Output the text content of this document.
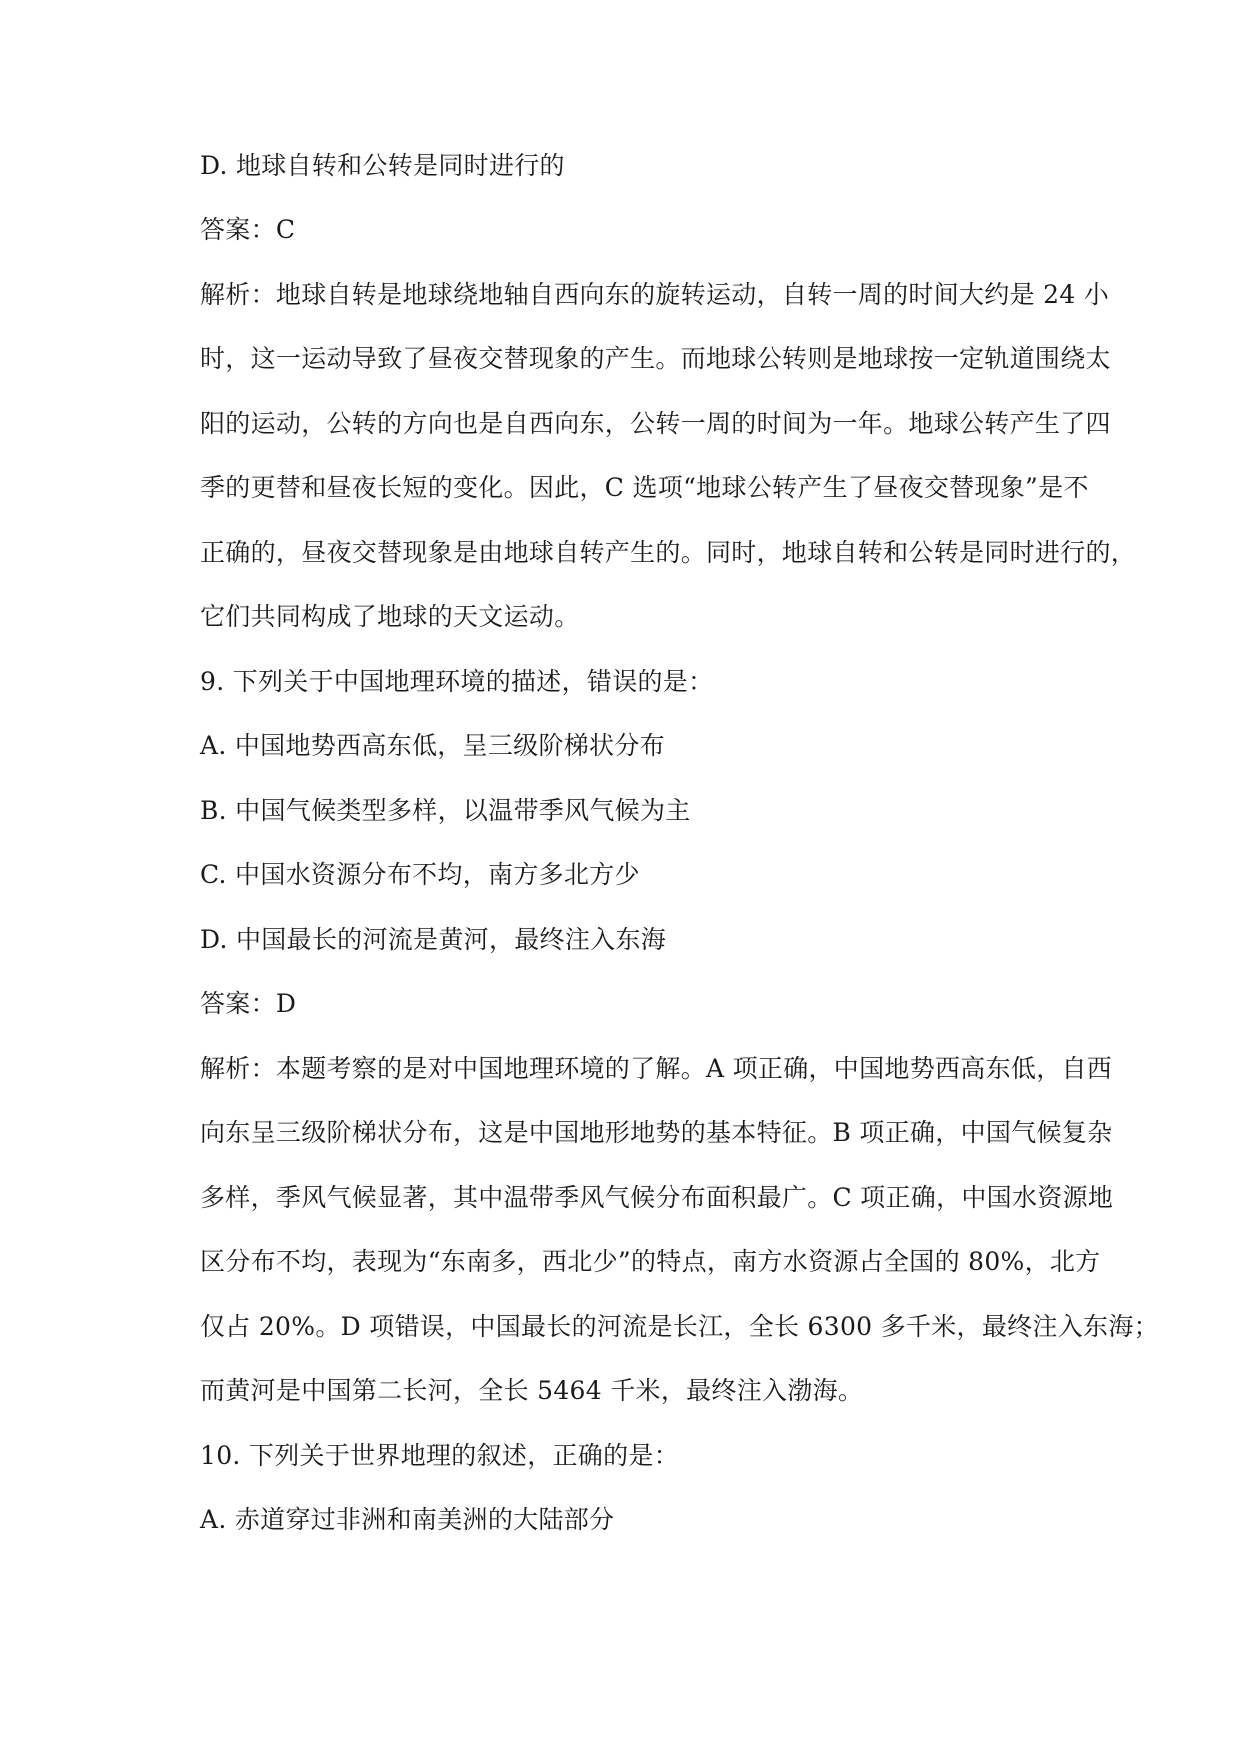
D. 地球自转和公转是同时进行的
答案：C
解析：地球自转是地球绕地轴自西向东的旋转运动，自转一周的时间大约是 24 小
时，这一运动导致了昼夜交替现象的产生。而地球公转则是地球按一定轨道围绕太
阳的运动，公转的方向也是自西向东，公转一周的时间为一年。地球公转产生了四
季的更替和昼夜长短的变化。因此，C 选项“地球公转产生了昼夜交替现象”是不
正确的，昼夜交替现象是由地球自转产生的。同时，地球自转和公转是同时进行的，
它们共同构成了地球的天文运动。
9. 下列关于中国地理环境的描述，错误的是：
A. 中国地势西高东低，呈三级阶梯状分布
B. 中国气候类型多样，以温带季风气候为主
C. 中国水资源分布不均，南方多北方少
D. 中国最长的河流是黄河，最终注入东海
答案：D
解析：本题考察的是对中国地理环境的了解。A 项正确，中国地势西高东低，自西
向东呈三级阶梯状分布，这是中国地形地势的基本特征。B 项正确，中国气候复杂
多样，季风气候显著，其中温带季风气候分布面积最广。C 项正确，中国水资源地
区分布不均，表现为“东南多，西北少”的特点，南方水资源占全国的 80%，北方
仅占 20%。D 项错误，中国最长的河流是长江，全长 6300 多千米，最终注入东海；
而黄河是中国第二长河，全长 5464 千米，最终注入渤海。
10. 下列关于世界地理的叙述，正确的是：
A. 赤道穿过非洲和南美洲的大陆部分
